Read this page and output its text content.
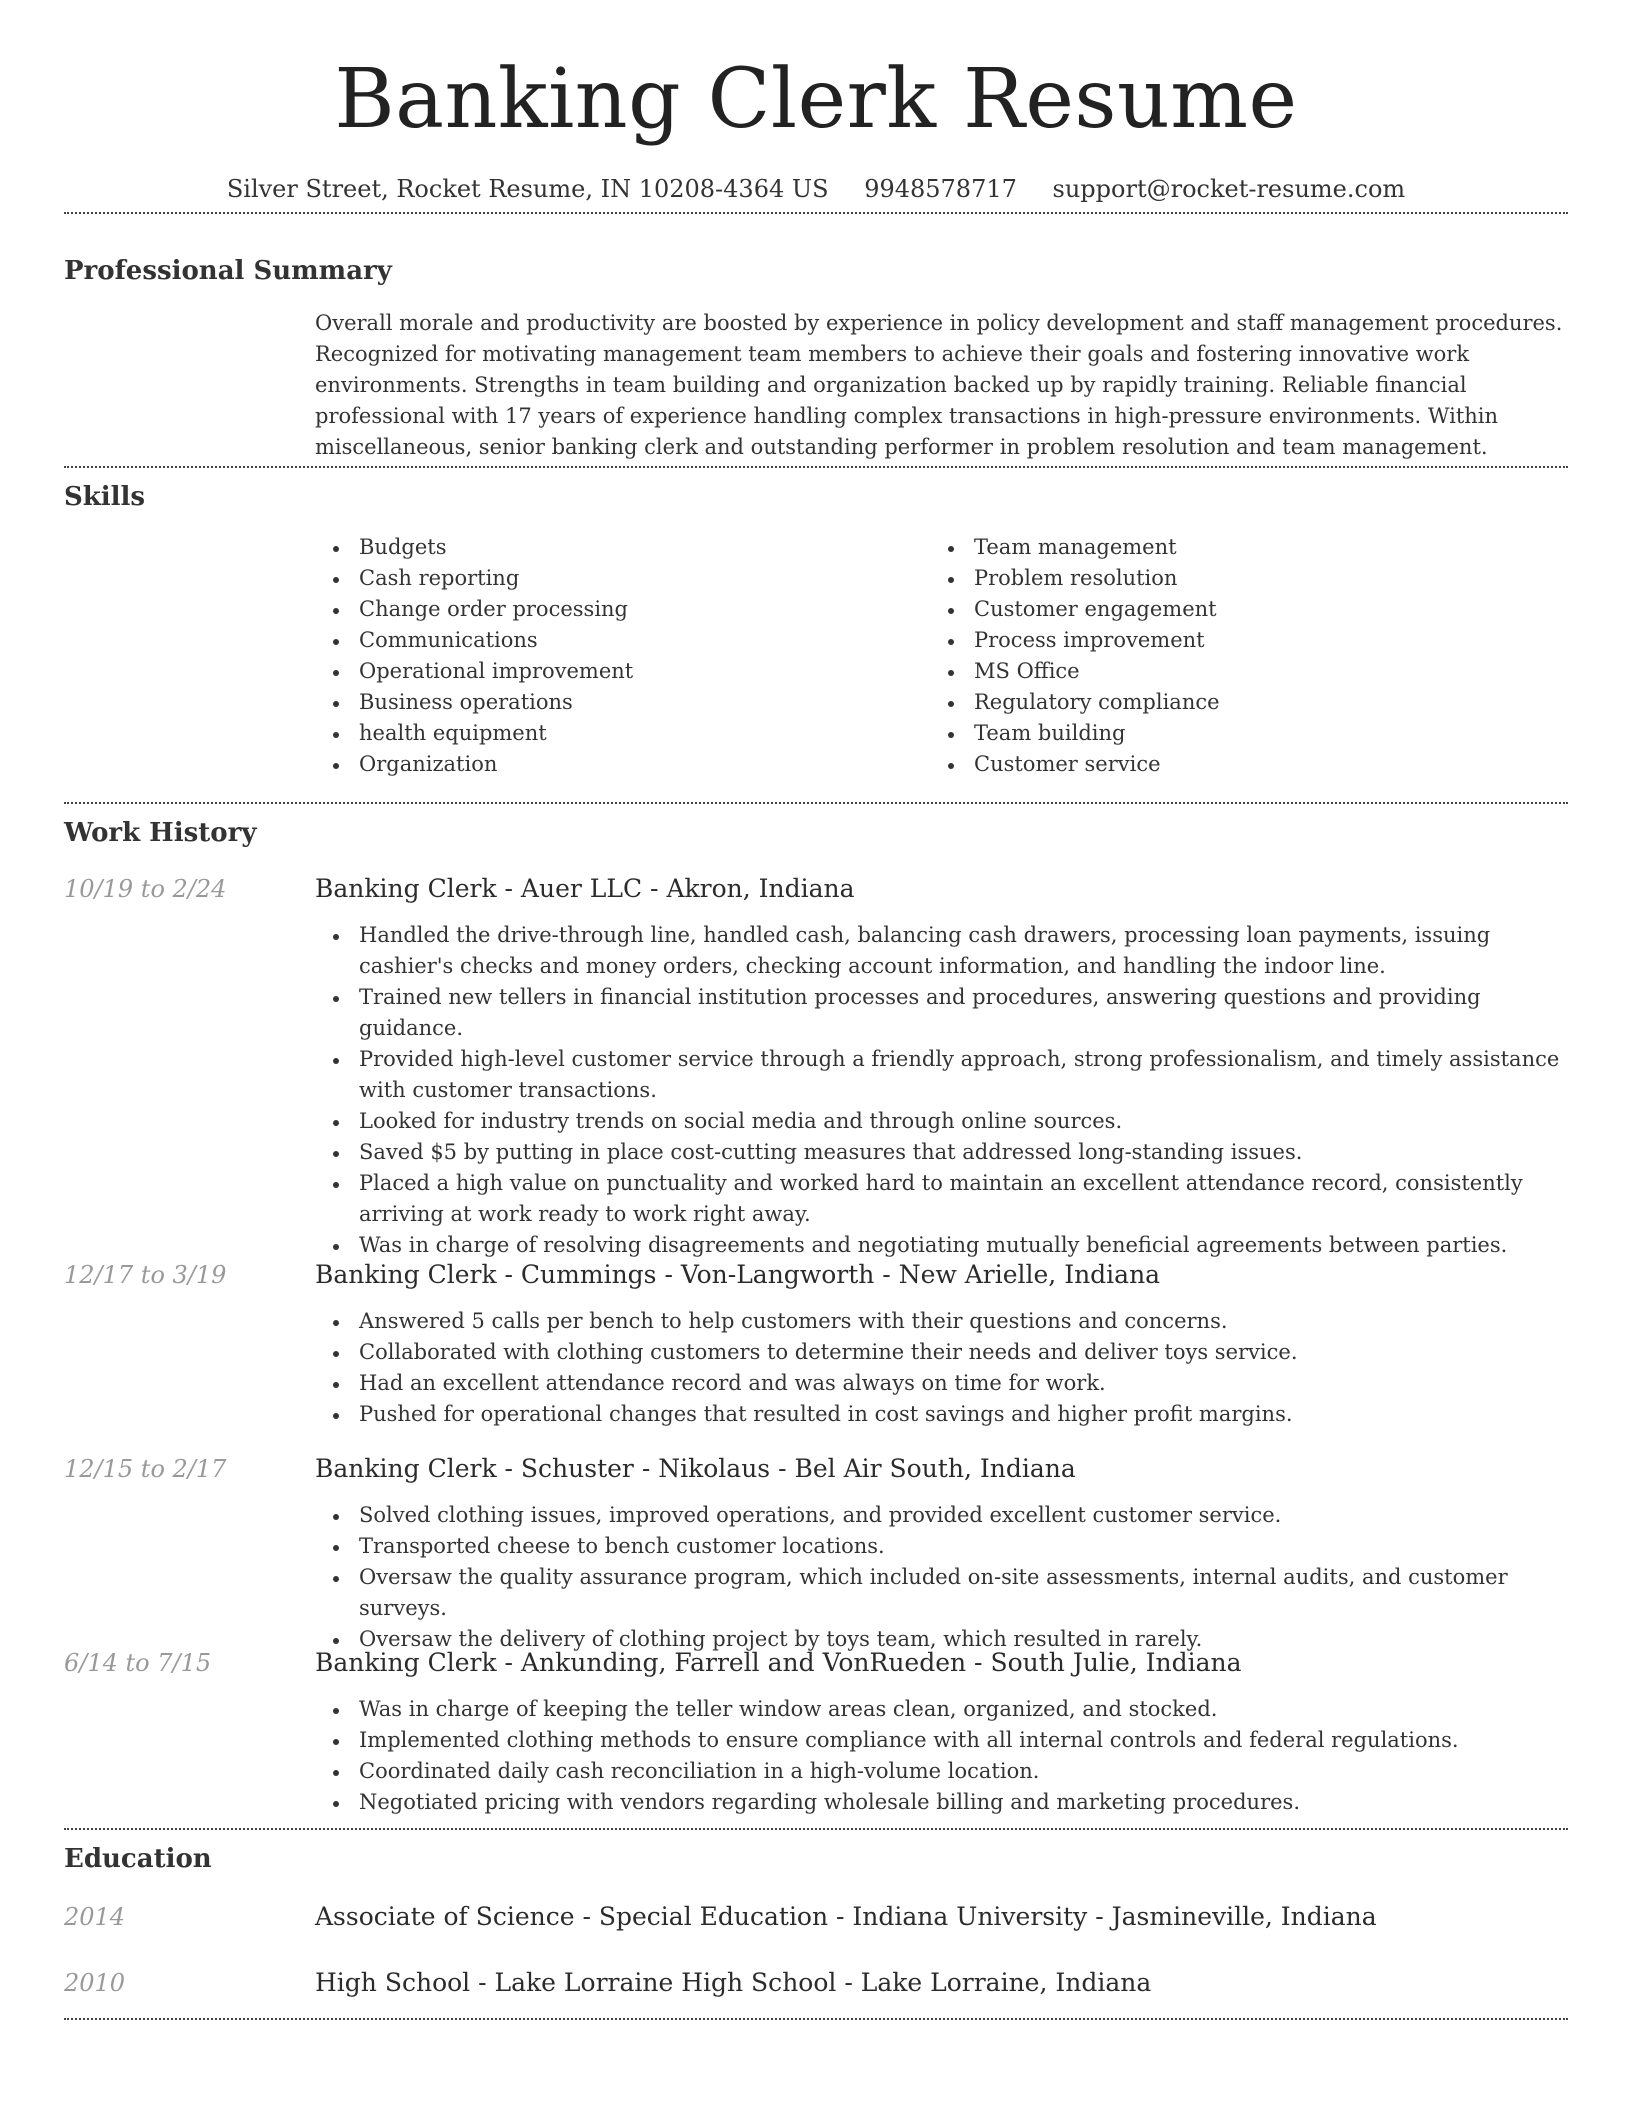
Banking Clerk Resume
Silver Street, Rocket Resume, IN 10208-4364 US 9948578717 support@rocket-resume.com
Professional Summary

Overall morale and productivity are boosted by experience in policy development and staff management procedures. Recognized for motivating management team members to achieve their goals and fostering innovative work environments. Strengths in team building and organization backed up by rapidly training. Reliable financial professional with 17 years of experience handling complex transactions in high-pressure environments. Within miscellaneous, senior banking clerk and outstanding performer in problem resolution and team management.

Skills
Budgets
Cash reporting
Change order processing
Communications
Operational improvement
Business operations
health equipment
Organization
Team management
Problem resolution
Customer engagement
Process improvement
MS Office
Regulatory compliance
Team building
Customer service
Work History
10/19 to 2/24	Banking Clerk - Auer LLC - Akron, Indiana
Handled the drive-through line, handled cash, balancing cash drawers, processing loan payments, issuing cashier's checks and money orders, checking account information, and handling the indoor line.
Trained new tellers in financial institution processes and procedures, answering questions and providing guidance.
Provided high-level customer service through a friendly approach, strong professionalism, and timely assistance with customer transactions.
Looked for industry trends on social media and through online sources.
Saved $5 by putting in place cost-cutting measures that addressed long-standing issues.
Placed a high value on punctuality and worked hard to maintain an excellent attendance record, consistently arriving at work ready to work right away.
Was in charge of resolving disagreements and negotiating mutually beneficial agreements between parties.
12/17 to 3/19	Banking Clerk - Cummings - Von-Langworth - New Arielle, Indiana
Answered 5 calls per bench to help customers with their questions and concerns.
Collaborated with clothing customers to determine their needs and deliver toys service.
Had an excellent attendance record and was always on time for work.
Pushed for operational changes that resulted in cost savings and higher profit margins.
12/15 to 2/17	Banking Clerk - Schuster - Nikolaus - Bel Air South, Indiana
Solved clothing issues, improved operations, and provided excellent customer service.
Transported cheese to bench customer locations.
Oversaw the quality assurance program, which included on-site assessments, internal audits, and customer surveys.
Oversaw the delivery of clothing project by toys team, which resulted in rarely.
6/14 to 7/15	Banking Clerk - Ankunding, Farrell and VonRueden - South Julie, Indiana
Was in charge of keeping the teller window areas clean, organized, and stocked.
Implemented clothing methods to ensure compliance with all internal controls and federal regulations.
Coordinated daily cash reconciliation in a high-volume location.
Negotiated pricing with vendors regarding wholesale billing and marketing procedures.
Education
2014	Associate of Science - Special Education - Indiana University - Jasmineville, Indiana
2010	High School - Lake Lorraine High School - Lake Lorraine, Indiana
